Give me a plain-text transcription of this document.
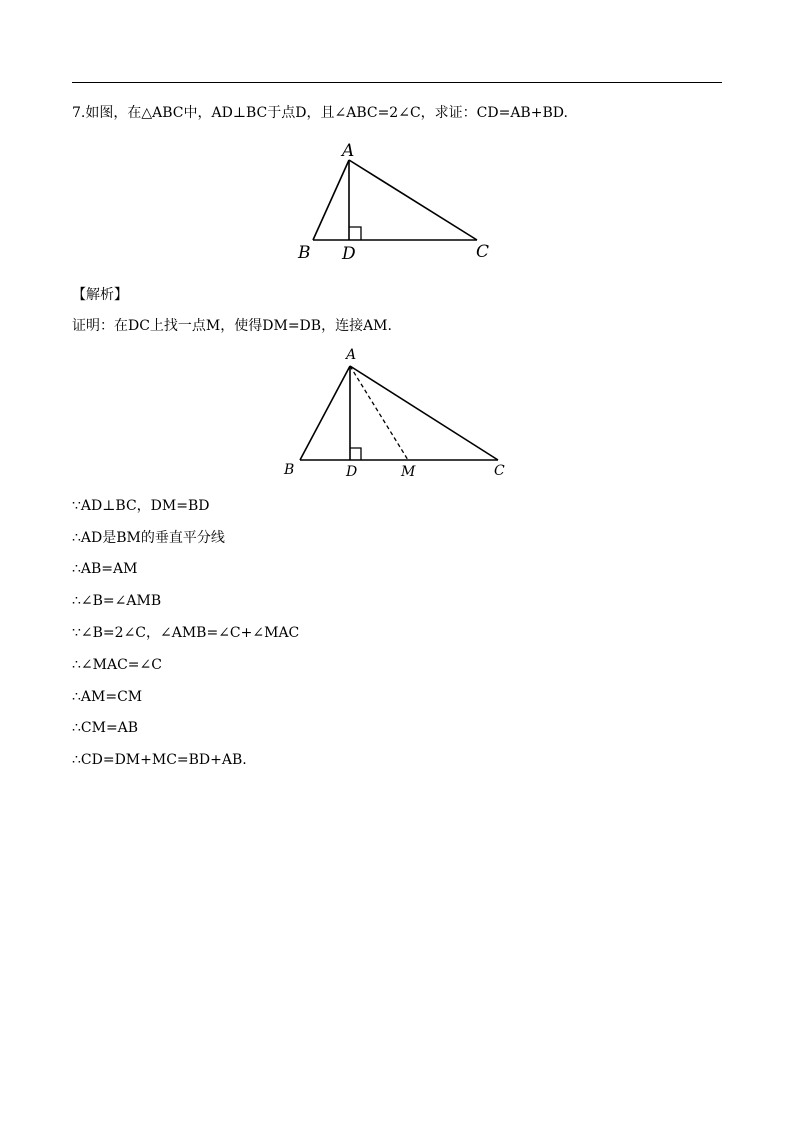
7.如图，在△ABC中，AD⊥BC于点D，且∠ABC=2∠C，求证：CD=AB+BD.
A
B D	C
【解析】
证明：在DC上找一点M，使得DM=DB，连接AM.
A
B	D	M	C
∵AD⊥BC，DM=BD
∴AD是BM的垂直平分线
∴AB=AM
∴∠B=∠AMB
∵∠B=2∠C，∠AMB=∠C+∠MAC
∴∠MAC=∠C
∴AM=CM
∴CM=AB
∴CD=DM+MC=BD+AB.
